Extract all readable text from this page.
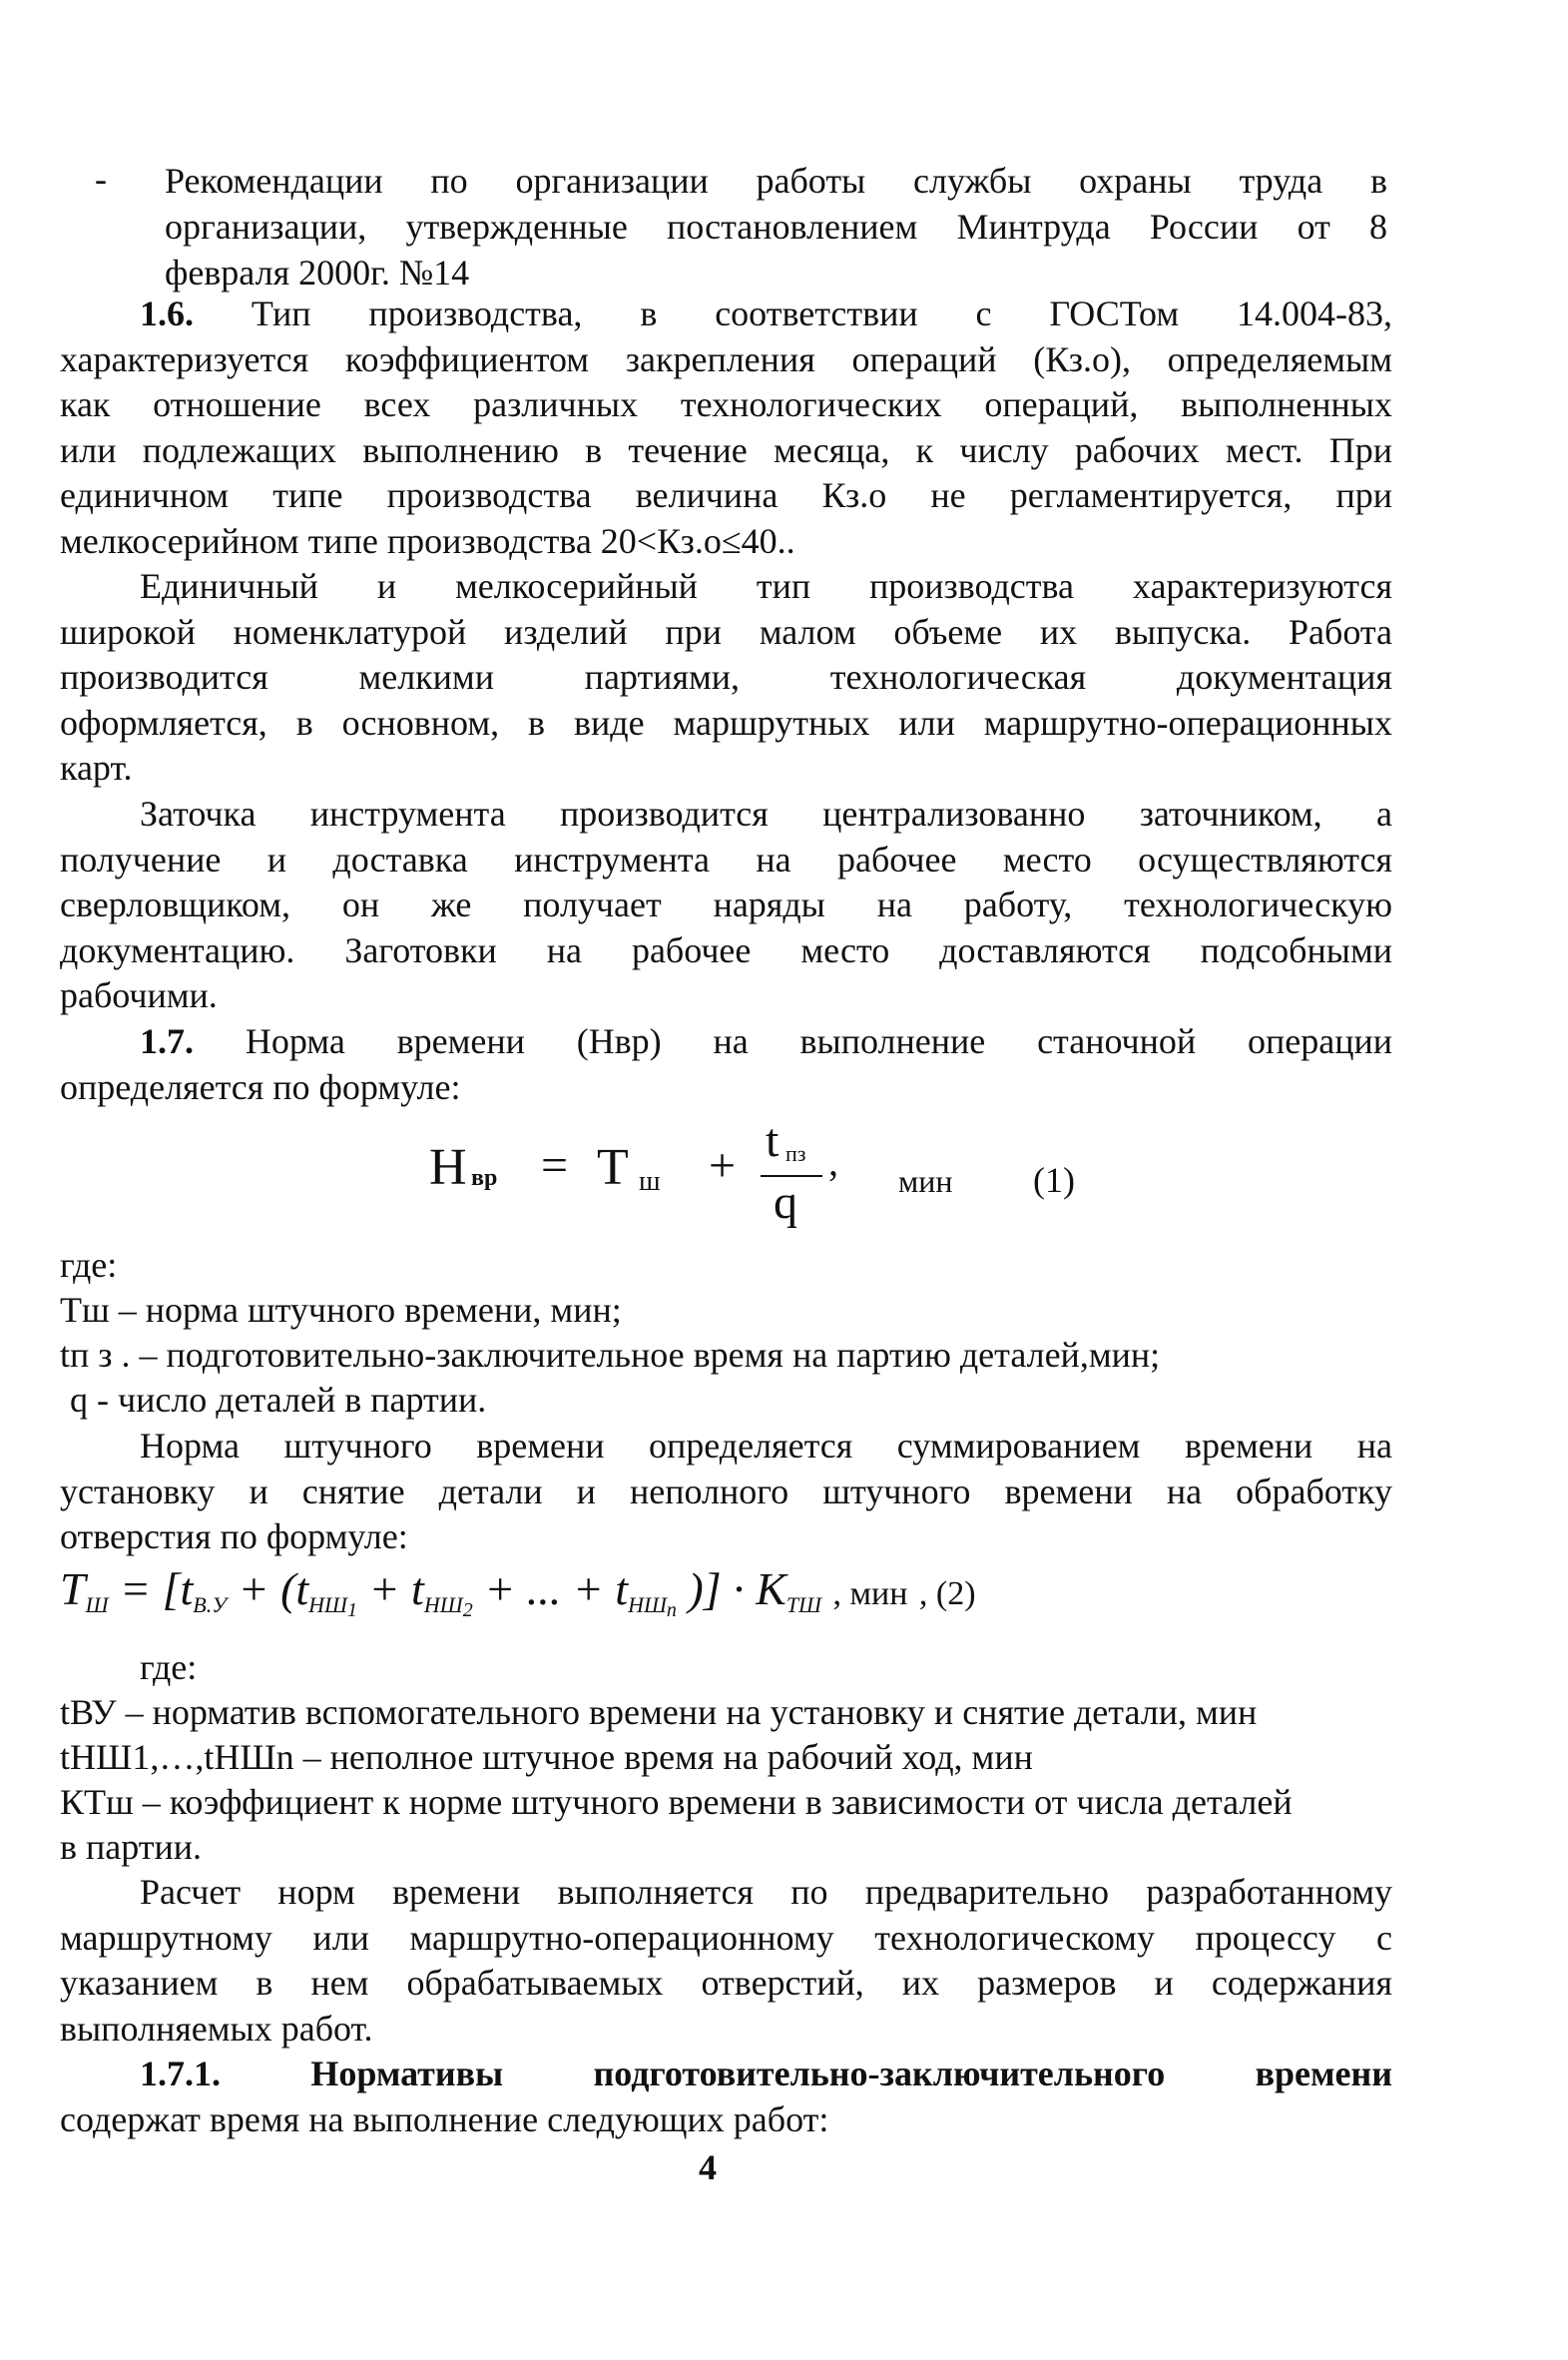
- Рекомендации по организации работы службы охраны труда в
организации, утвержденные постановлением Минтруда России от 8
февраля 2000г. №14
1.6. Тип производства, в соответствии с ГОСТом 14.004-83,
характеризуется коэффициентом закрепления операций (Кз.о), определяемым
как отношение всех различных технологических операций, выполненных
или подлежащих выполнению в течение месяца, к числу рабочих мест. При
единичном типе производства величина Кз.о не регламентируется, при
мелкосерийном типе производства 20<Кз.о≤40..
Единичный и мелкосерийный тип производства характеризуются
широкой номенклатурой изделий при малом объеме их выпуска. Работа
производится мелкими партиями, технологическая документация
оформляется, в основном, в виде маршрутных или маршрутно-операционных
карт.
Заточка инструмента производится централизованно заточником, а
получение и доставка инструмента на рабочее место осуществляются
сверловщиком, он же получает наряды на работу, технологическую
документацию. Заготовки на рабочее место доставляются подсобными
рабочими.
1.7. Норма времени (Нвр) на выполнение станочной операции
определяется по формуле:
Н вр = Т ш + t пз
q
, мин (1)
где:
Тш – норма штучного времени, мин;
tп з . – подготовительно-заключительное время на партию деталей,мин;
q - число деталей в партии.
Норма штучного времени определяется суммированием времени на
установку и снятие детали и неполного штучного времени на обработку
отверстия по формуле:
$T_Ш = [t_{В.У} + (t_{НШ1} + t_{НШ2}$ + ... + $t_{НШn}$ )] · $K_{ТШ}$ , мин , (2)
где:
tВУ – норматив вспомогательного времени на установку и снятие детали, мин
tНШ1,…,tНШn – неполное штучное время на рабочий ход, мин
КТш – коэффициент к норме штучного времени в зависимости от числа деталей
в партии.
Расчет норм времени выполняется по предварительно разработанному
маршрутному или маршрутно-операционному технологическому процессу с
указанием в нем обрабатываемых отверстий, их размеров и содержания
выполняемых работ.
1.7.1.	Нормативы подготовительно-заключительного времени
содержат время на выполнение следующих работ:
4
